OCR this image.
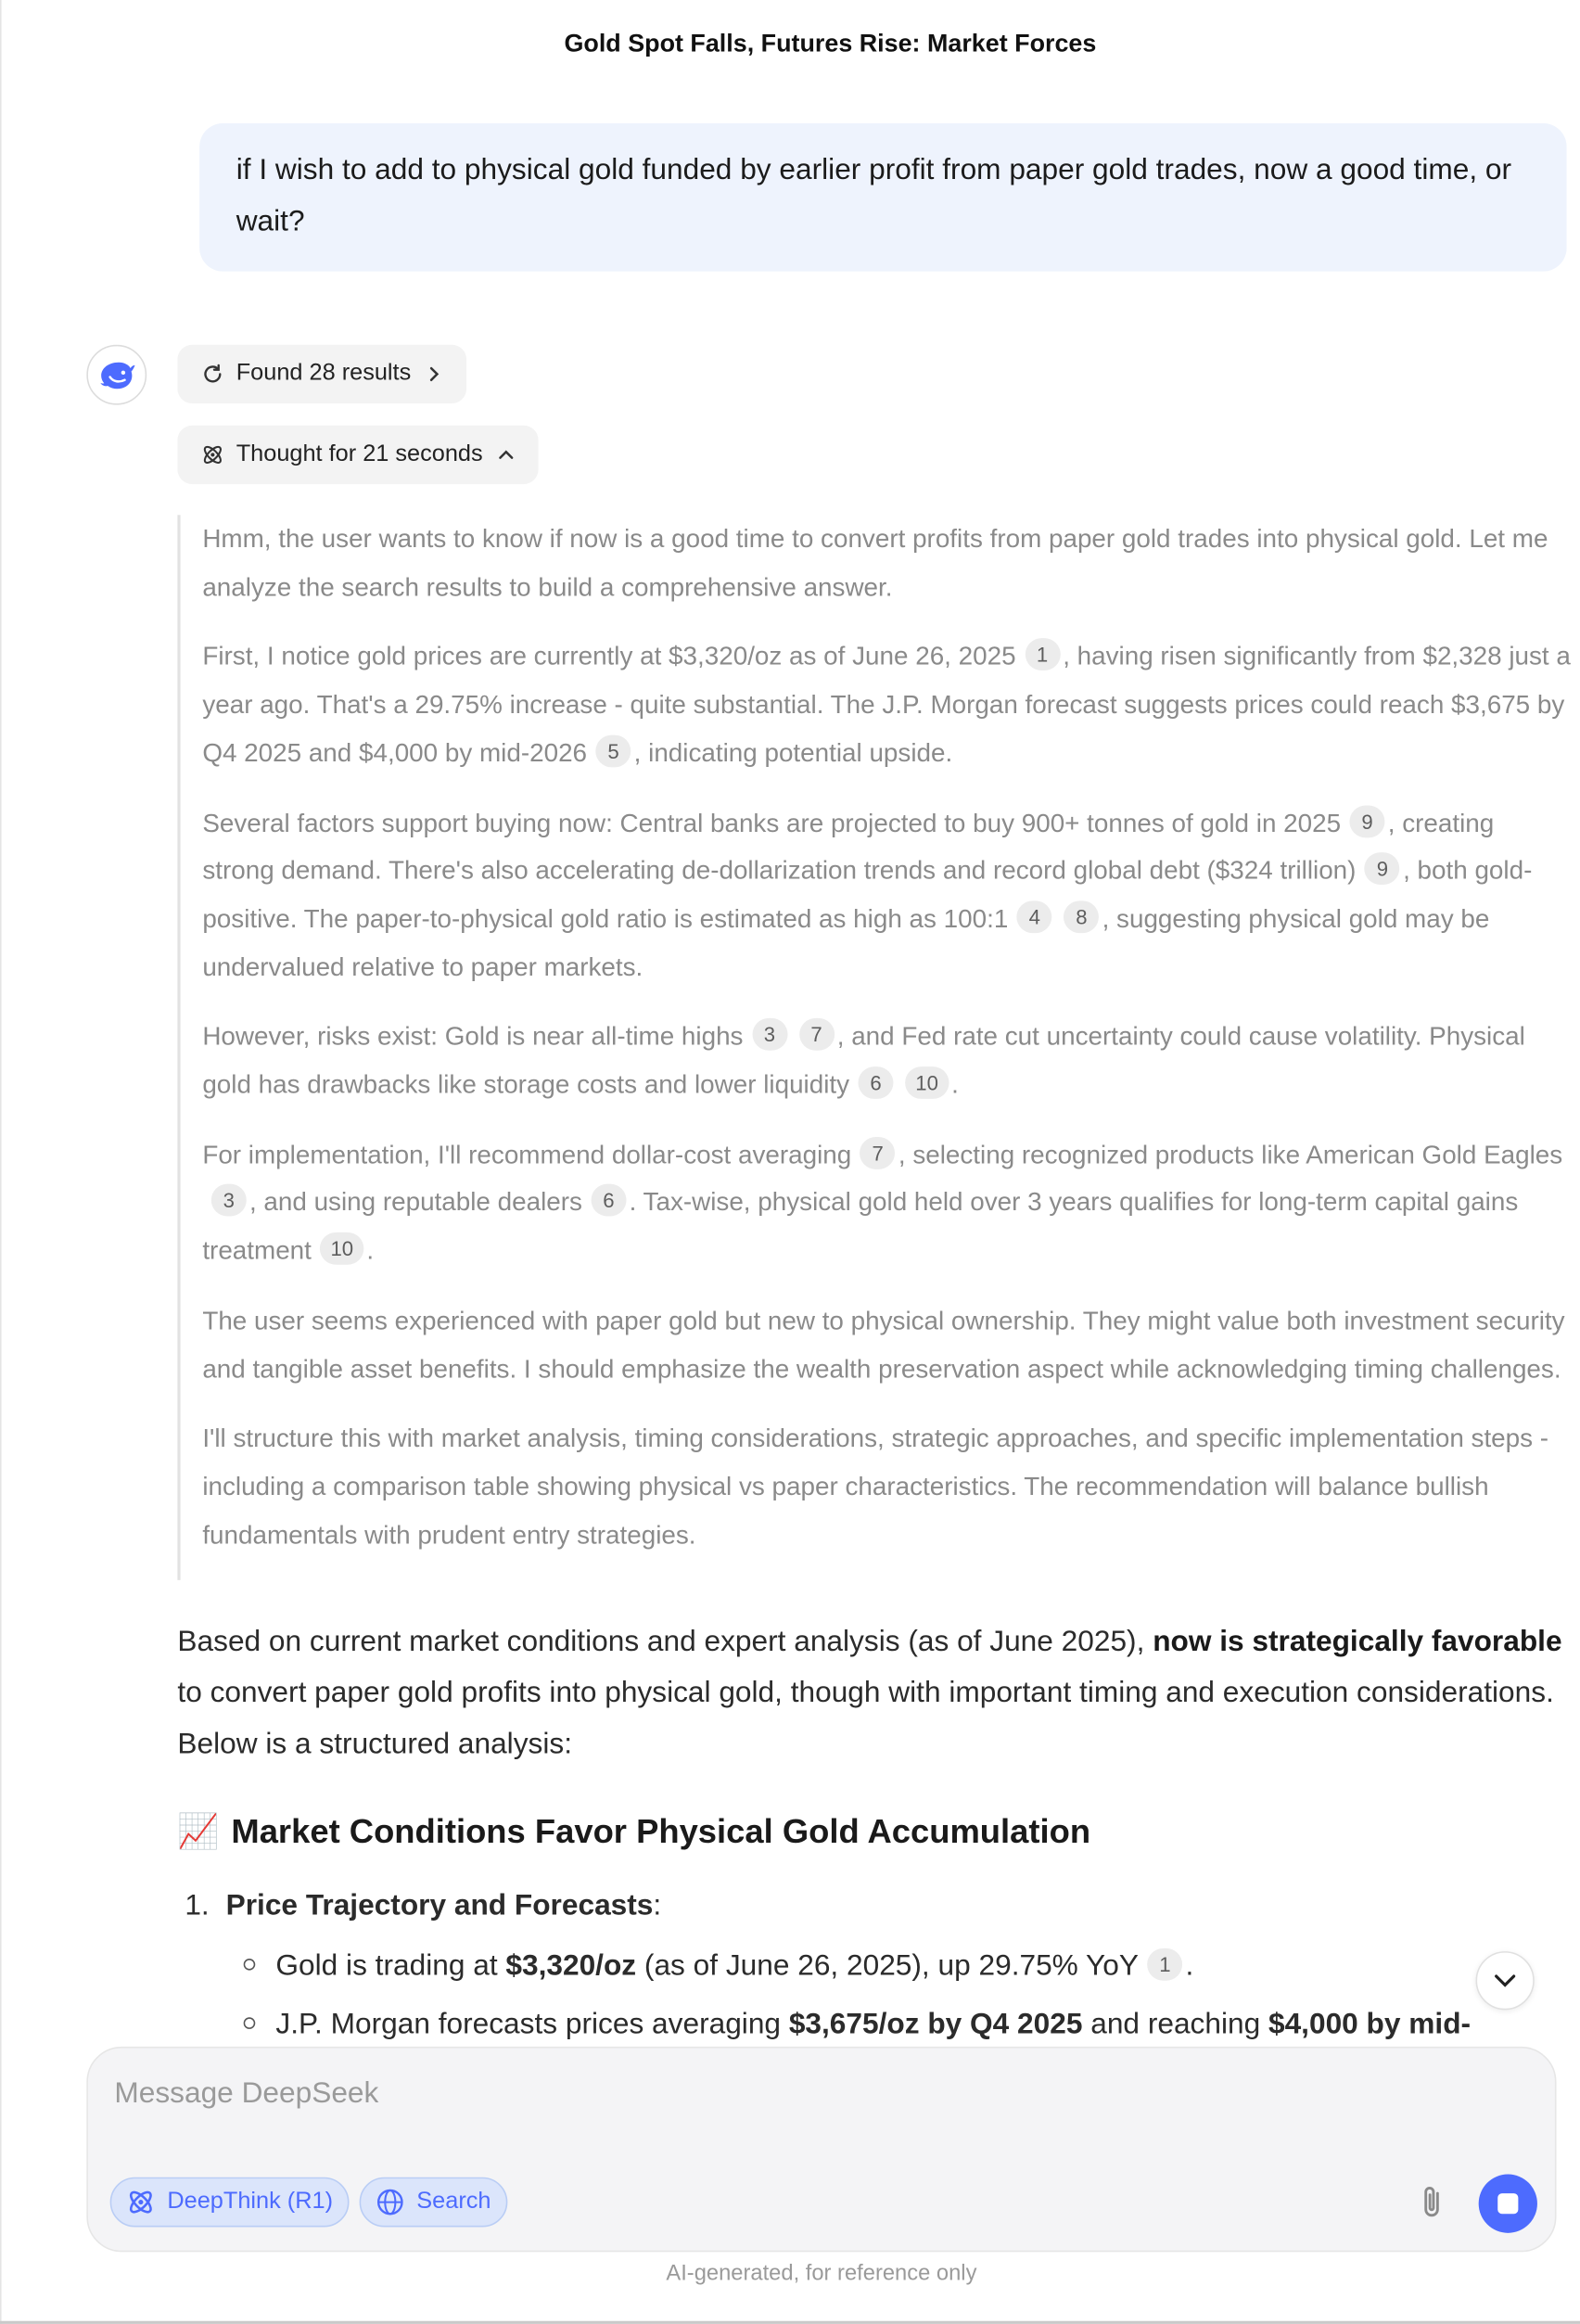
Gold Spot Falls, Futures Rise: Market Forces
if I wish to add to physical gold funded by earlier profit from paper gold trades, now a good time, or wait?
Found 28 results
Thought for 21 seconds

Hmm, the user wants to know if now is a good time to convert profits from paper gold trades into physical gold. Let me analyze the search results to build a comprehensive answer.

First, I notice gold prices are currently at $3,320/oz as of June 26, 2025 1 , having risen significantly from $2,328 just a year ago. That's a 29.75% increase - quite substantial. The J.P. Morgan forecast suggests prices could reach $3,675 by Q4 2025 and $4,000 by mid-2026 5 , indicating potential upside.

Several factors support buying now: Central banks are projected to buy 900+ tonnes of gold in 2025 9 , creating strong demand. There's also accelerating de-dollarization trends and record global debt ($324 trillion) 9 , both gold-positive. The paper-to-physical gold ratio is estimated as high as 100:1 4	8 , suggesting physical gold may be undervalued relative to paper markets.

However, risks exist: Gold is near all-time highs 3	7 , and Fed rate cut uncertainty could cause volatility. Physical gold has drawbacks like storage costs and lower liquidity 6	10 .

For implementation, I'll recommend dollar-cost averaging 7 , selecting recognized products like American Gold Eagles3 , and using reputable dealers 6 . Tax-wise, physical gold held over 3 years qualifies for long-term capital gains treatment 10 .

The user seems experienced with paper gold but new to physical ownership. They might value both investment security and tangible asset benefits. I should emphasize the wealth preservation aspect while acknowledging timing challenges.

I'll structure this with market analysis, timing considerations, strategic approaches, and specific implementation steps - including a comparison table showing physical vs paper characteristics. The recommendation will balance bullish fundamentals with prudent entry strategies.

Based on current market conditions and expert analysis (as of June 2025), now is strategically favorable to convert paper gold profits into physical gold, though with important timing and execution considerations. Below is a structured analysis:
📈 Market Conditions Favor Physical Gold Accumulation
1. Price Trajectory and Forecasts:
Gold is trading at $3,320/oz (as of June 26, 2025), up 29.75% YoY 1 .
J.P. Morgan forecasts prices averaging $3,675/oz by Q4 2025 and reaching $4,000 by mid-
Message DeepSeek
DeepThink (R1)	Search
AI-generated, for reference only
